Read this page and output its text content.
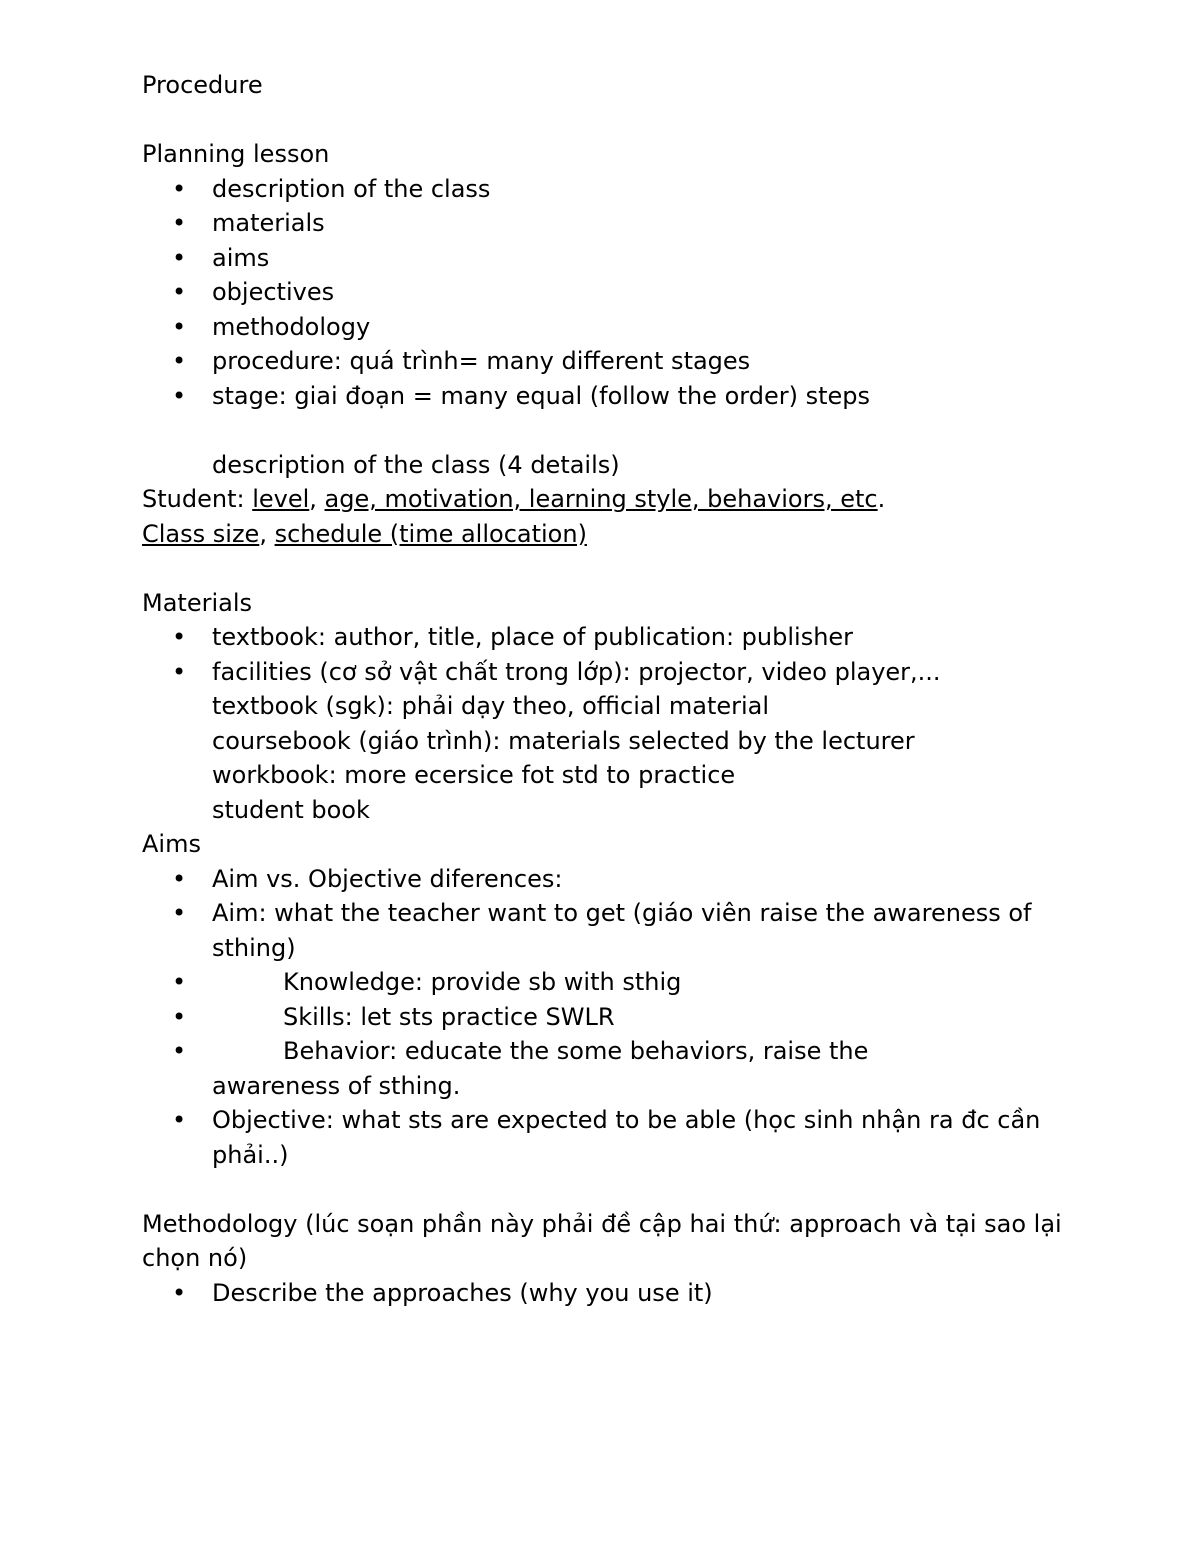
Procedure
Planning lesson
• description of the class
• materials
• aims
• objectives
• methodology
• procedure: quá trình= many different stages
• stage: giai đoạn = many equal (follow the order) steps
description of the class (4 details)
Student: level, age, motivation, learning style, behaviors, etc.
Class size, schedule (time allocation)
Materials
• textbook: author, title, place of publication: publisher
• facilities (cơ sở vật chất trong lớp): projector, video player,...
textbook (sgk): phải dạy theo, official material
coursebook (giáo trình): materials selected by the lecturer
workbook: more ecersice fot std to practice
student book
Aims
• Aim vs. Objective diferences:
• Aim: what the teacher want to get (giáo viên raise the awareness of sthing)
• Knowledge: provide sb with sthig
• Skills: let sts practice SWLR
• Behavior: educate the some behaviors, raise the
awareness of sthing.
• Objective: what sts are expected to be able (học sinh nhận ra đc cần phải..)
Methodology (lúc soạn phần này phải đề cập hai thứ: approach và tại sao lại chọn nó)
• Describe the approaches (why you use it)
